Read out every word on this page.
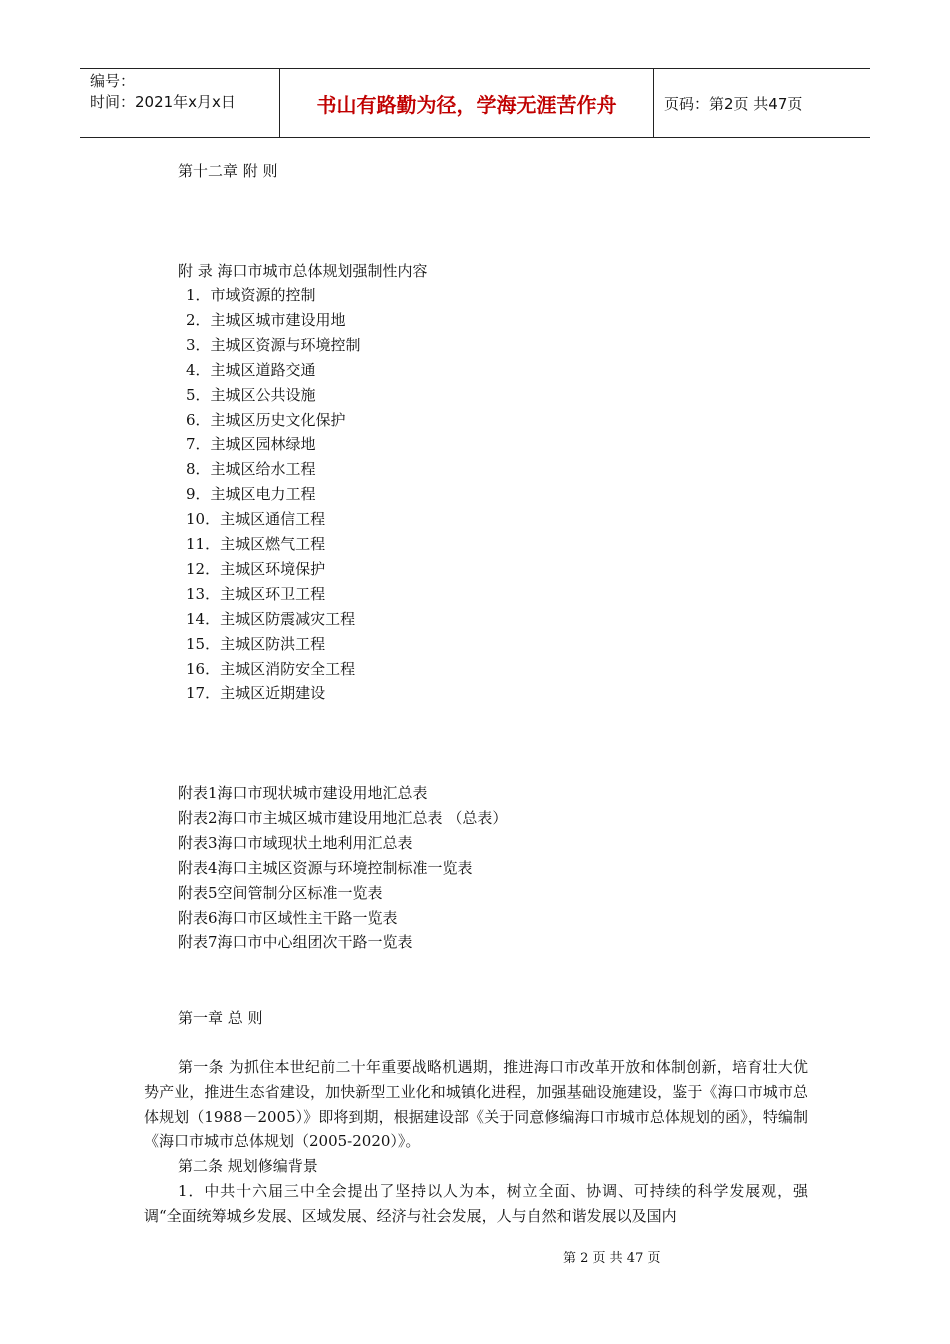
编号：
时间：2021年x月x日	书山有路勤为径，学海无涯苦作舟	页码：第2页 共47页
第十二章 附 则
附 录 海口市城市总体规划强制性内容
1．市域资源的控制
2．主城区城市建设用地
3．主城区资源与环境控制
4．主城区道路交通
5．主城区公共设施
6．主城区历史文化保护
7．主城区园林绿地
8．主城区给水工程
9．主城区电力工程
10．主城区通信工程
11．主城区燃气工程
12．主城区环境保护
13．主城区环卫工程
14．主城区防震减灾工程
15．主城区防洪工程
16．主城区消防安全工程
17．主城区近期建设
附表1海口市现状城市建设用地汇总表
附表2海口市主城区城市建设用地汇总表 （总表）
附表3海口市域现状土地利用汇总表
附表4海口主城区资源与环境控制标准一览表
附表5空间管制分区标准一览表
附表6海口市区域性主干路一览表
附表7海口市中心组团次干路一览表
第一章 总 则
第一条 为抓住本世纪前二十年重要战略机遇期，推进海口市改革开放和体制创新，培育壮大优势产业，推进生态省建设，加快新型工业化和城镇化进程，加强基础设施建设，鉴于《海口市城市总体规划（1988－2005）》即将到期，根据建设部《关于同意修编海口市城市总体规划的函》，特编制《海口市城市总体规划（2005-2020）》。
第二条 规划修编背景
1．中共十六届三中全会提出了坚持以人为本，树立全面、协调、可持续的科学发展观，强调“全面统筹城乡发展、区域发展、经济与社会发展，人与自然和谐发展以及国内
第 2 页 共 47 页
